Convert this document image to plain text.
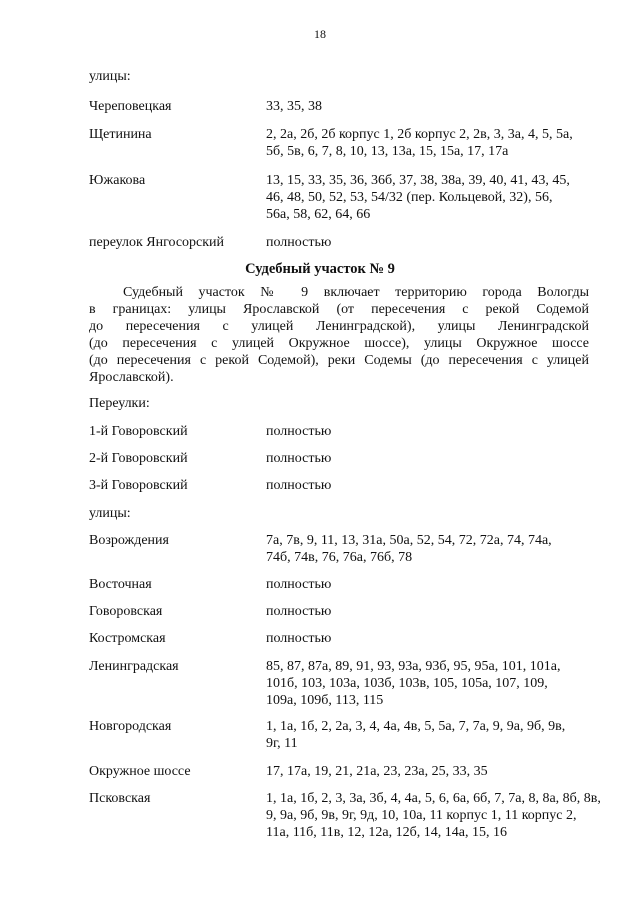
18
улицы:
Череповецкая	33, 35, 38
Щетинина	2, 2а, 2б, 2б корпус 1, 2б корпус 2, 2в, 3, 3а, 4, 5, 5а,
5б, 5в, 6, 7, 8, 10, 13, 13а, 15, 15а, 17, 17а
Южакова	13, 15, 33, 35, 36, 36б, 37, 38, 38а, 39, 40, 41, 43, 45,
46, 48, 50, 52, 53, 54/32 (пер. Кольцевой, 32), 56,
56а, 58, 62, 64, 66
переулок Янгосорский	полностью
Судебный участок № 9
Судебный участок № 9 включает территорию города Вологды
в границах: улицы Ярославской (от пересечения с рекой Содемой
до пересечения с улицей Ленинградской), улицы Ленинградской
(до пересечения с улицей Окружное шоссе), улицы Окружное шоссе
(до пересечения с рекой Содемой), реки Содемы (до пересечения с улицей
Ярославской).
Переулки:
1-й Говоровский	полностью
2-й Говоровский	полностью
3-й Говоровский	полностью
улицы:
Возрождения	7а, 7в, 9, 11, 13, 31а, 50а, 52, 54, 72, 72а, 74, 74а,
74б, 74в, 76, 76а, 76б, 78
Восточная	полностью
Говоровская	полностью
Костромская	полностью
Ленинградская	85, 87, 87а, 89, 91, 93, 93а, 93б, 95, 95а, 101, 101а,
101б, 103, 103а, 103б, 103в, 105, 105а, 107, 109,
109а, 109б, 113, 115
Новгородская	1, 1а, 1б, 2, 2а, 3, 4, 4а, 4в, 5, 5а, 7, 7а, 9, 9а, 9б, 9в,
9г, 11
Окружное шоссе	17, 17а, 19, 21, 21а, 23, 23а, 25, 33, 35
Псковская	1, 1а, 1б, 2, 3, 3а, 3б, 4, 4а, 5, 6, 6а, 6б, 7, 7а, 8, 8а, 8б, 8в,
9, 9а, 9б, 9в, 9г, 9д, 10, 10а, 11 корпус 1, 11 корпус 2,
11а, 11б, 11в, 12, 12а, 12б, 14, 14а, 15, 16
